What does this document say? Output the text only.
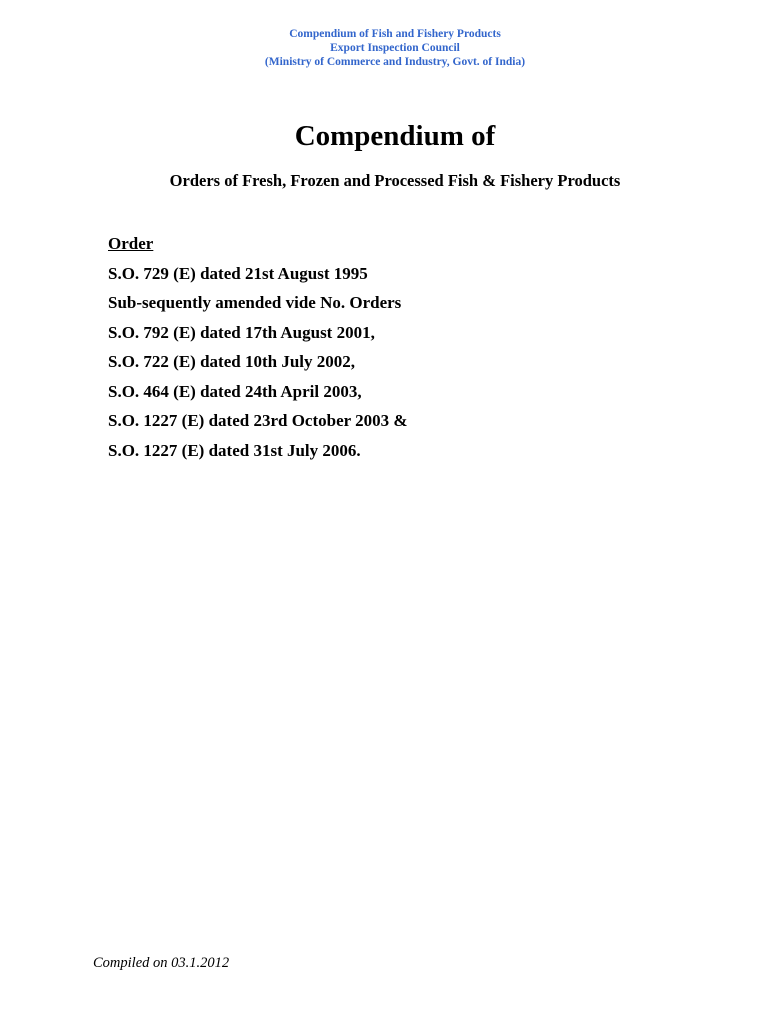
Compendium of Fish and Fishery Products
Export Inspection Council
(Ministry of Commerce and Industry, Govt. of India)
Compendium of
Orders of Fresh, Frozen and Processed Fish & Fishery Products
Order
S.O. 729 (E) dated 21st August 1995
Sub-sequently amended vide No. Orders
S.O. 792 (E) dated 17th August 2001,
S.O. 722 (E) dated 10th July 2002,
S.O. 464 (E) dated 24th April 2003,
S.O. 1227 (E) dated 23rd October 2003 &
S.O. 1227 (E) dated 31st July 2006.
Compiled on 03.1.2012
